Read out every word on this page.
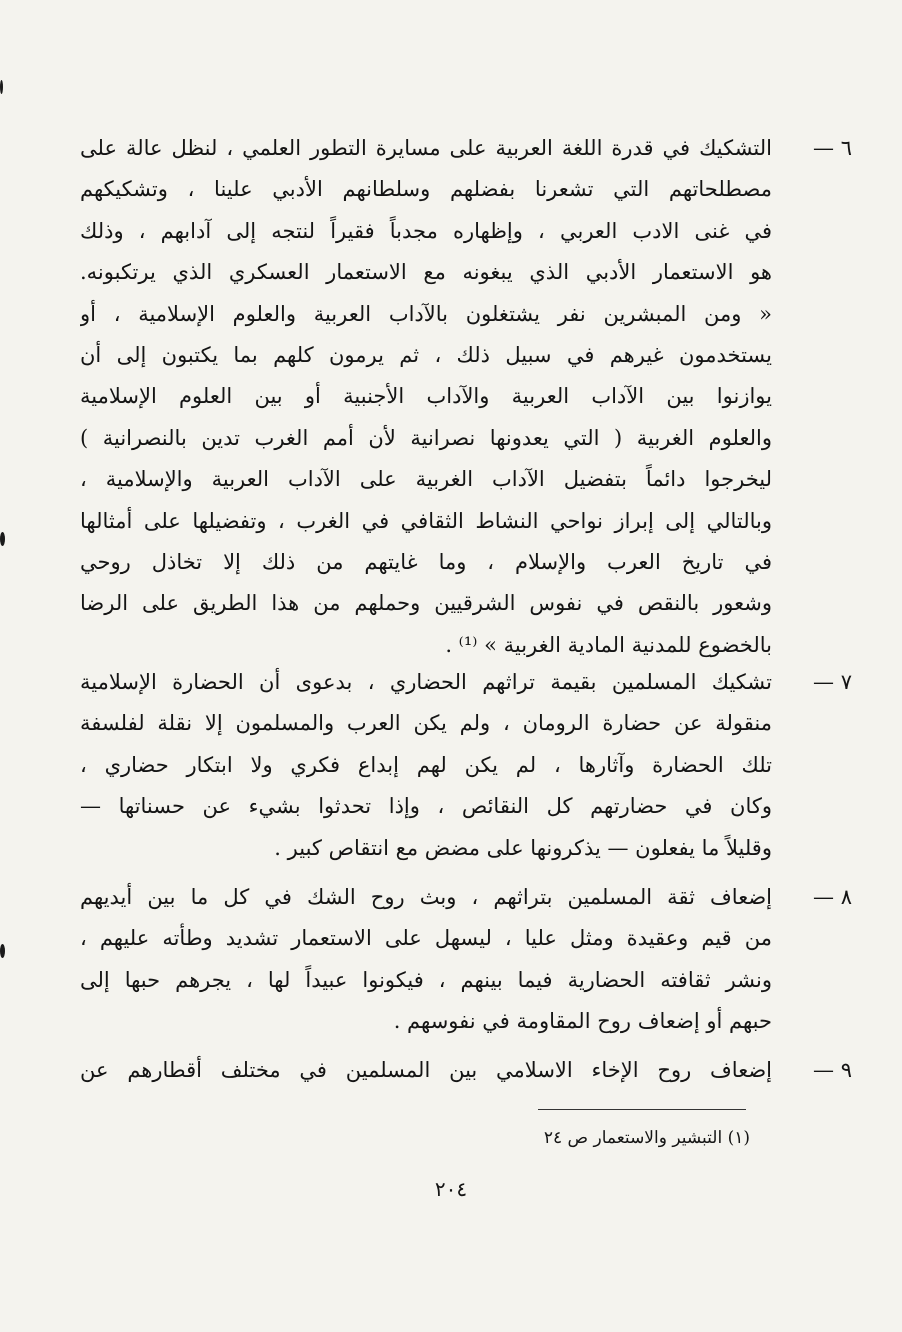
٦ —
التشكيك في قدرة اللغة العربية على مسايرة التطور العلمي ، لنظل عالة على
مصطلحاتهم التي تشعرنا بفضلهم وسلطانهم الأدبي علينا ، وتشكيكهم
في غنى الادب العربي ، وإظهاره مجدباً فقيراً لنتجه إلى آدابهم ، وذلك
هو الاستعمار الأدبي الذي يبغونه مع الاستعمار العسكري الذي يرتكبونه.
« ومن المبشرين نفر يشتغلون بالآداب العربية والعلوم الإسلامية ، أو
يستخدمون غيرهم في سبيل ذلك ، ثم يرمون كلهم بما يكتبون إلى أن
يوازنوا بين الآداب العربية والآداب الأجنبية أو بين العلوم الإسلامية
والعلوم الغربية ( التي يعدونها نصرانية لأن أمم الغرب تدين بالنصرانية )
ليخرجوا دائماً بتفضيل الآداب الغربية على الآداب العربية والإسلامية ،
وبالتالي إلى إبراز نواحي النشاط الثقافي في الغرب ، وتفضيلها على أمثالها
في تاريخ العرب والإسلام ، وما غايتهم من ذلك إلا تخاذل روحي
وشعور بالنقص في نفوس الشرقيين وحملهم من هذا الطريق على الرضا
بالخضوع للمدنية المادية الغربية » ⁽¹⁾ .
٧ —
تشكيك المسلمين بقيمة تراثهم الحضاري ، بدعوى أن الحضارة الإسلامية
منقولة عن حضارة الرومان ، ولم يكن العرب والمسلمون إلا نقلة لفلسفة
تلك الحضارة وآثارها ، لم يكن لهم إبداع فكري ولا ابتكار حضاري ،
وكان في حضارتهم كل النقائص ، وإذا تحدثوا بشيء عن حسناتها —
وقليلاً ما يفعلون — يذكرونها على مضض مع انتقاص كبير .
٨ —
إضعاف ثقة المسلمين بتراثهم ، وبث روح الشك في كل ما بين أيديهم
من قيم وعقيدة ومثل عليا ، ليسهل على الاستعمار تشديد وطأته عليهم ،
ونشر ثقافته الحضارية فيما بينهم ، فيكونوا عبيداً لها ، يجرهم حبها إلى
حبهم أو إضعاف روح المقاومة في نفوسهم .
٩ —
إضعاف روح الإخاء الاسلامي بين المسلمين في مختلف أقطارهم عن
(١) التبشير والاستعمار ص ٢٤
٢٠٤
